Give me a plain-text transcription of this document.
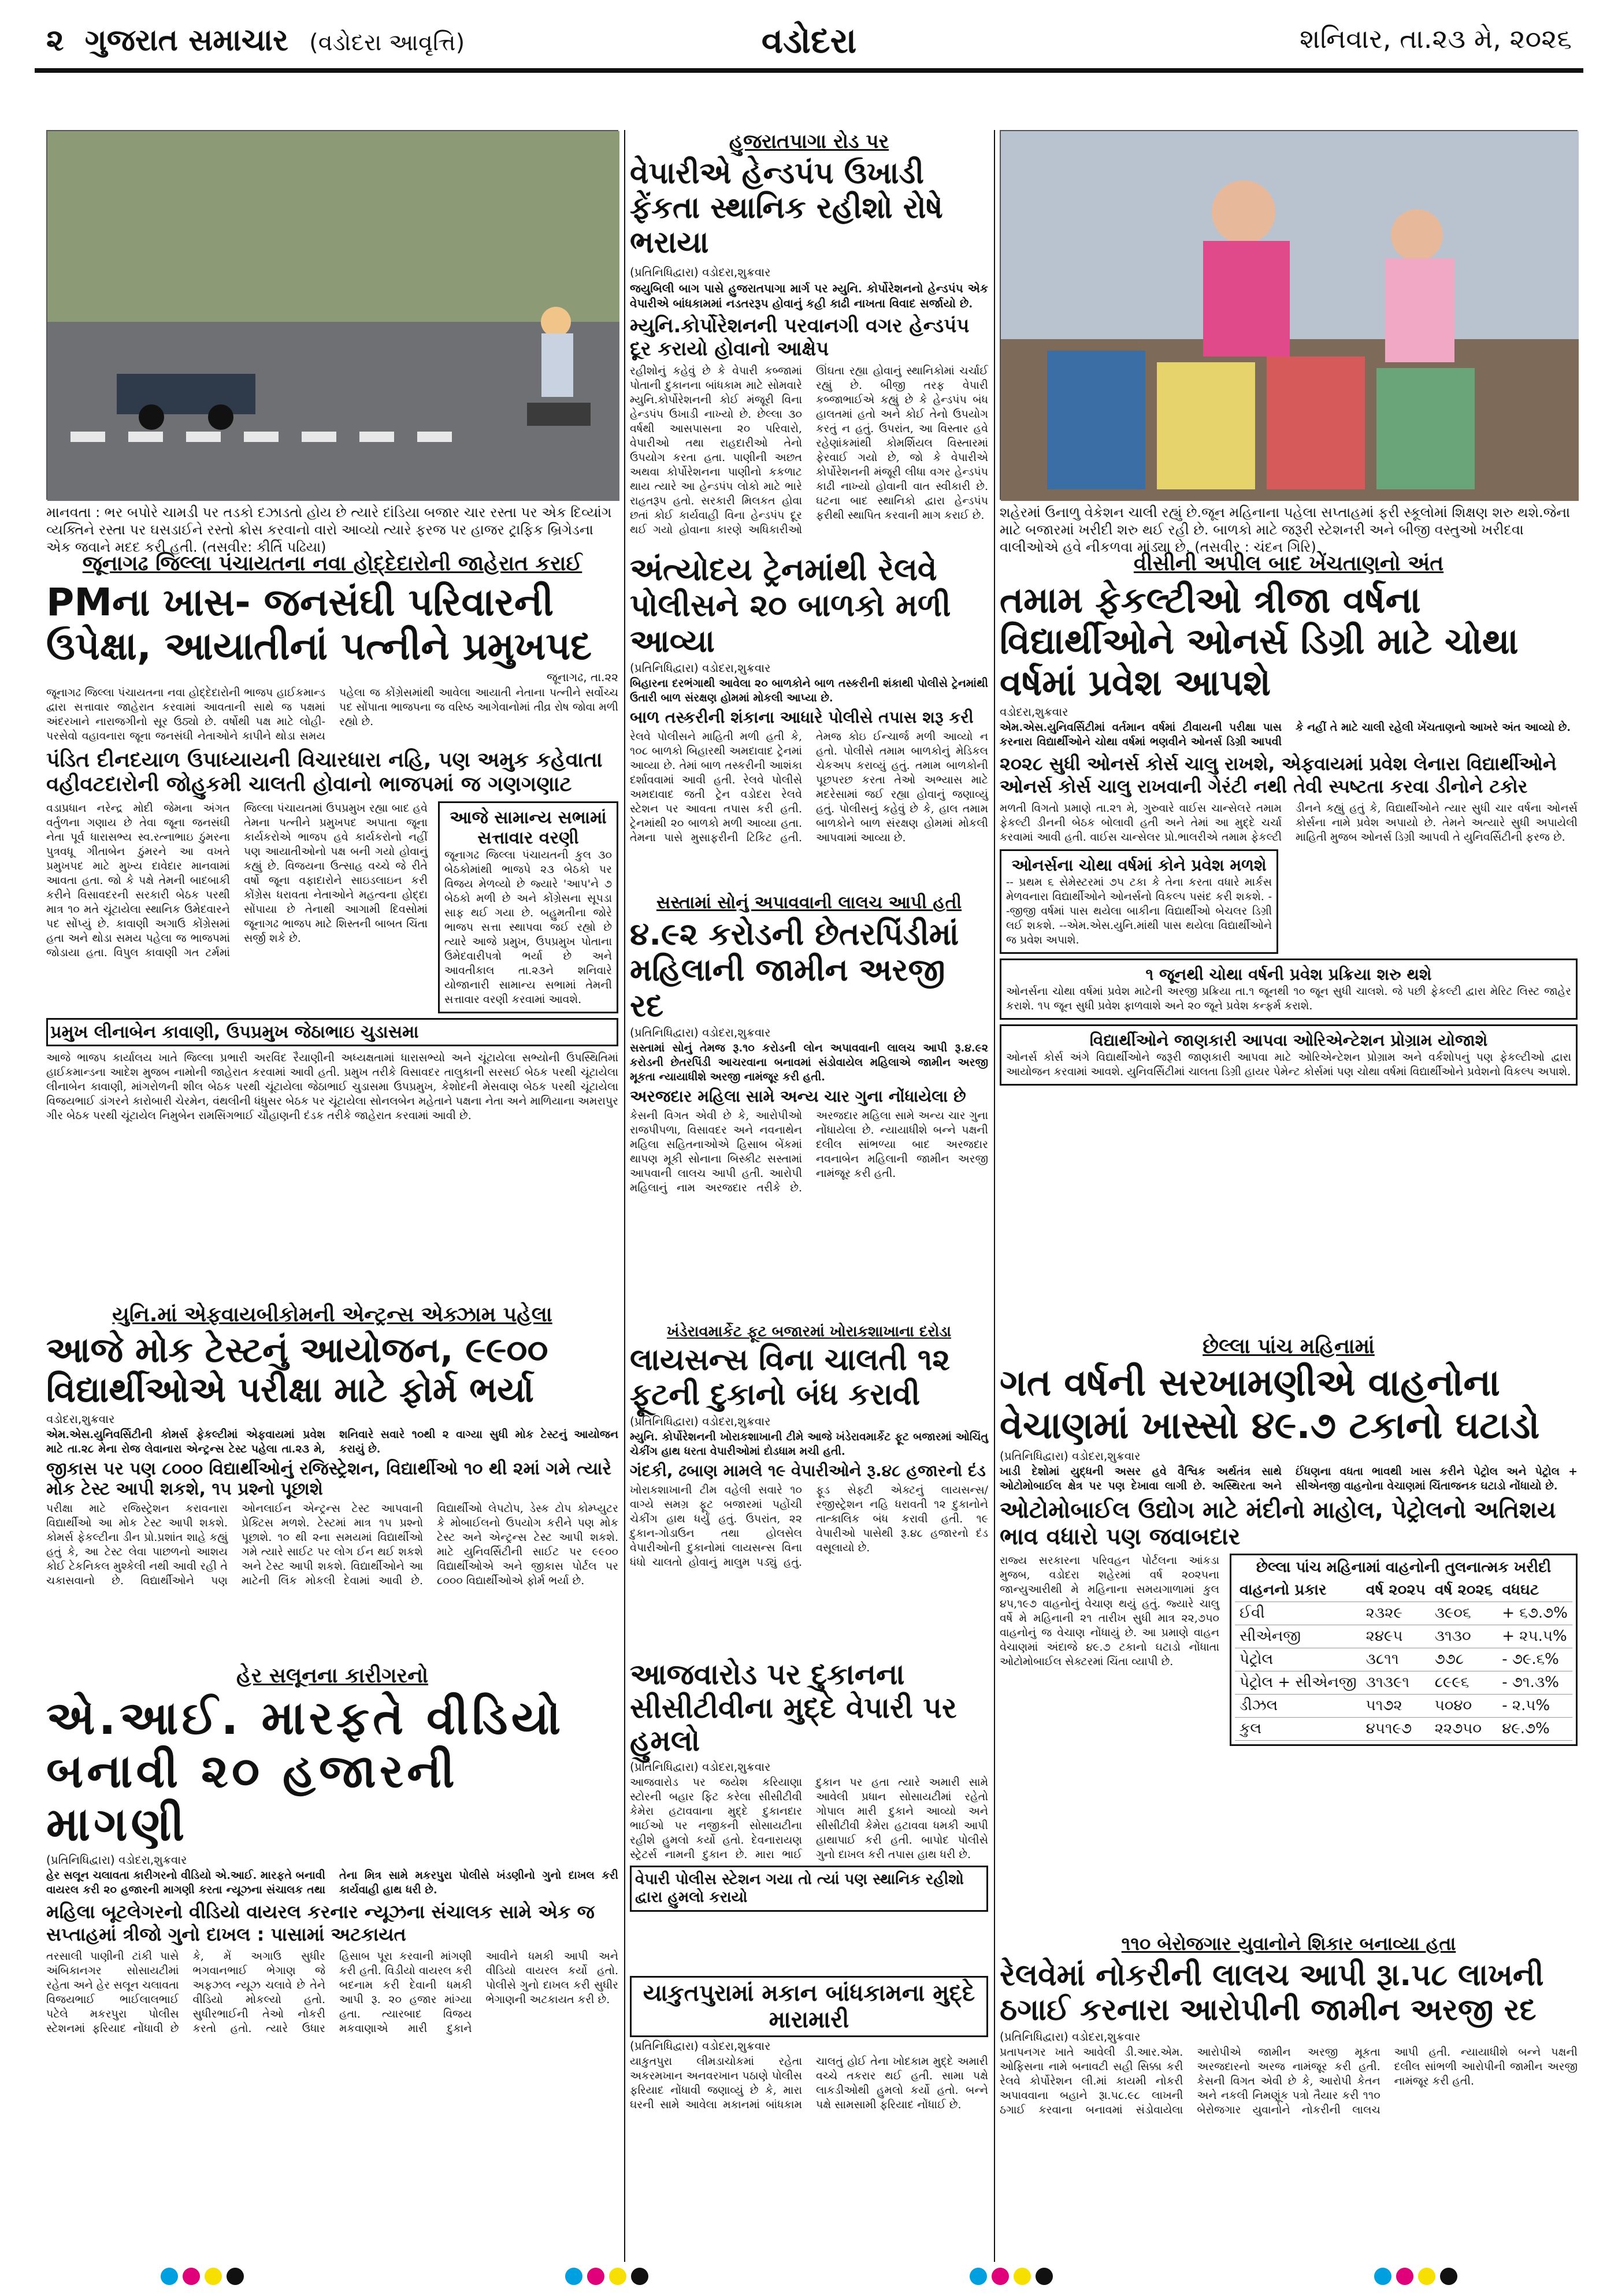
૨ ગુજરાત સમાચાર (વડોદરા આવૃત્તિ)	વડોદરા	શનિવાર, તા.૨૩ મે, ૨૦૨૬
માનવતા : ભર બપોરે ચામડી પર તડકો દઝાડતો હોય છે ત્યારે દાંડિયા બજાર ચાર રસ્તા પર એક દિવ્યાંગ વ્યક્તિને રસ્તા પર ઘસડાઈને રસ્તો ક્રોસ કરવાનો વારો આવ્યો ત્યારે ફરજ પર હાજર ટ્રાફિક બ્રિગેડના એક જવાને મદદ કરી હતી. (તસવીર: કીર્તિ પઢિયા)
હુજરાતપાગા રોડ પર
વેપારીએ હેન્ડપંપ ઉખાડી ફેંકતા સ્થાનિક રહીશો રોષે ભરાયા
(પ્રતિનિધિદ્વારા) વડોદરા,શુક્રવાર
જયુબિલી બાગ પાસે હુજરાતપાગા માર્ગ પર મ્યુનિ. કોર્પોરેશનનો હેન્ડપંપ એક વેપારીએ બાંધકામમાં નડતરરૂપ હોવાનું કહી કાઢી નાખતા વિવાદ સર્જાયો છે.
મ્યુનિ.કોર્પોરેશનની પરવાનગી વગર હેન્ડપંપ દૂર કરાયો હોવાનો આક્ષેપ
રહીશોનું કહેવું છે કે વેપારી કબ્જામાં પોતાની દુકાનના બાંધકામ માટે સોમવારે મ્યુનિ.કોર્પોરેશનની કોઈ મંજૂરી વિના હેન્ડપંપ ઉખાડી નાખ્યો છે. છેલ્લા ૩૦ વર્ષથી આસપાસના ૨૦ પરિવારો, વેપારીઓ તથા રાહદારીઓ તેનો ઉપયોગ કરતા હતા. પાણીની અછત અથવા કોર્પોરેશનના પાણીનો કકળાટ થાય ત્યારે આ હેન્ડપંપ લોકો માટે ભારે રાહતરૂપ હતો. સરકારી મિલકત હોવા છતાં કોઈ કાર્યવાહી વિના હેન્ડપંપ દૂર થઈ ગયો હોવાના કારણે અધિકારીઓ ઊંઘતા રહ્યા હોવાનું સ્થાનિકોમાં ચર્ચાઈ રહ્યું છે. બીજી તરફ વેપારી કબ્જાભાઈએ કહ્યું છે કે હેન્ડપંપ બંધ હાલતમાં હતો અને કોઈ તેનો ઉપયોગ કરતું ન હતું. ઉપરાંત, આ વિસ્તાર હવે રહેણાંકમાંથી કોમર્શિયલ વિસ્તારમાં ફેરવાઈ ગયો છે, જો કે વેપારીએ કોર્પોરેશનની મંજૂરી લીધા વગર હેન્ડપંપ કાઢી નાખ્યો હોવાની વાત સ્વીકારી છે. ઘટના બાદ સ્થાનિકો દ્વારા હેન્ડપંપ ફરીથી સ્થાપિત કરવાની માગ કરાઈ છે. શહેરમાં ઉનાળુ વેકેશન ચાલી રહ્યું છે.જૂન મહિનાના પહેલા સપ્તાહમાં ફરી સ્કૂલોમાં શિક્ષણ શરુ થશે.જેના માટે બજારમાં ખરીદી શરુ થઈ રહી છે. બાળકો માટે જરૂરી સ્ટેશનરી અને બીજી વસ્તુઓ ખરીદવા વાલીઓએ હવે નીકળવા માંડ્યા છે. (તસવીર : ચંદન ગિરિ)
જૂનાગઢ જિલ્લા પંચાયતના નવા હોદ્દેદારોની જાહેરાત કરાઈ
PMના ખાસ- જનસંઘી પરિવારની ઉપેક્ષા, આયાતીનાં પત્નીને પ્રમુખપદ
જૂનાગઢ, તા.૨૨
જૂનાગઢ જિલ્લા પંચાયતના નવા હોદ્દેદારોની ભાજપ હાઈકમાન્ડ દ્વારા સત્તાવાર જાહેરાત કરવામાં આવતાની સાથે જ પક્ષમાં અંદરખાને નારાજગીનો સૂર ઉઠ્યો છે. વર્ષોથી પક્ષ માટે લોહી-પરસેવો વહાવનારા જૂના જનસંઘી નેતાઓને કાપીને થોડા સમય પહેલા જ કોંગ્રેસમાંથી આવેલા આયાતી નેતાના પત્નીને સર્વોચ્ચ પદ સોંપાતા ભાજપના જ વરિષ્ઠ આગેવાનોમાં તીવ્ર રોષ જોવા મળી રહ્યો છે.
પંડિત દીનદયાળ ઉપાધ્યાયની વિચારધારા નહિ, પણ અમુક કહેવાતા વહીવટદારોની જોહુકમી ચાલતી હોવાનો ભાજપમાં જ ગણગણાટ
વડાપ્રધાન નરેન્દ્ર મોદી જેમના અંગત વર્તુળના ગણાય છે તેવા જૂના જનસંઘી નેતા પૂર્વ ધારાસભ્ય સ્વ.રત્નાભાઇ ઠુંમરના પુત્રવધૂ ગીતાબેન ઠુંમરને આ વખતે પ્રમુખપદ માટે મુખ્ય દાવેદાર માનવામાં આવતા હતા. જો કે પક્ષે તેમની બાદબાકી કરીને વિસાવદરની સરકારી બેઠક પરથી માત્ર ૧૦ મતે ચૂંટાયેલા સ્થાનિક ઉમેદવારને પદ સોંપ્યું છે. કાવાણી અગાઉ કોંગ્રેસમાં હતા અને થોડા સમય પહેલા જ ભાજપમાં જોડાયા હતા. વિપુલ કાવાણી ગત ટર્મમાં જિલ્લા પંચાયતમાં ઉપપ્રમુખ રહ્યા બાદ હવે તેમના પત્નીને પ્રમુખપદ અપાતા જૂના કાર્યકરોએ ભાજપ હવે કાર્યકરોનો નહીં પણ આયાતીઓનો પક્ષ બની ગયો હોવાનું કહ્યું છે. વિજયના ઉત્સાહ વચ્ચે જે રીતે વર્ષો જૂના વફાદારોને સાઇડલાઇન કરી કોંગ્રેસ ધરાવતા નેતાઓને મહત્વના હોદ્દા સોંપાયા છે તેનાથી આગામી દિવસોમાં જૂનાગઢ ભાજપ માટે શિસ્તની બાબત ચિંતા સર્જી શકે છે.
આજે સામાન્ય સભામાં સત્તાવાર વરણી
જૂનાગઢ જિલ્લા પંચાયતની કુલ ૩૦ બેઠકોમાંથી ભાજપે ૨૩ બેઠકો પર વિજય મેળવ્યો છે જ્યારે 'આપ'ને ૭ બેઠકો મળી છે અને કોંગ્રેસના સૂપડા સાફ થઈ ગયા છે. બહુમતીના જોરે ભાજપ સત્તા સ્થાપવા જઈ રહ્યો છે ત્યારે આજે પ્રમુખ, ઉપપ્રમુખ પોતાના ઉમેદવારીપત્રો ભર્યા છે અને આવતીકાલ તા.૨૩ને શનિવારે યોજાનારી સામાન્ય સભામાં તેમની સત્તાવાર વરણી કરવામાં આવશે.
પ્રમુખ લીનાબેન કાવાણી, ઉપપ્રમુખ જેઠાભાઇ ચુડાસમા
આજે ભાજપ કાર્યાલય ખાતે જિલ્લા પ્રભારી અરવિંદ રૈયાણીની અધ્યક્ષતામાં ધારાસભ્યો અને ચૂંટાયેલા સભ્યોની ઉપસ્થિતિમાં હાઈકમાન્ડના આદેશ મુજબ નામોની જાહેરાત કરવામાં આવી હતી. પ્રમુખ તરીકે વિસાવદર તાલુકાની સરસઈ બેઠક પરથી ચૂંટાયેલા લીનાબેન કાવાણી, માંગરોળની શીલ બેઠક પરથી ચૂંટાયેલા જેઠાભાઈ ચુડાસમા ઉપપ્રમુખ, કેશોદની મેસવાણ બેઠક પરથી ચૂંટાયેલા વિજયભાઈ ડાંગરને કારોબારી ચેરમેન, વંથલીની ધંધુસર બેઠક પર ચૂંટાયેલા સોનલબેન મહેતાને પક્ષના નેતા અને માળિયાના અમરાપુર ગીર બેઠક પરથી ચૂંટાયેલ નિમુબેન રામસિંગભાઈ ચૌહાણની દંડક તરીકે જાહેરાત કરવામાં આવી છે.
અંત્યોદય ટ્રેનમાંથી રેલવે પોલીસને ૨૦ બાળકો મળી આવ્યા
(પ્રતિનિધિદ્વારા) વડોદરા,શુક્રવાર
બિહારના દરભંગાથી આવેલા ૨૦ બાળકોને બાળ તસ્કરીની શંકાથી પોલીસે ટ્રેનમાંથી ઉતારી બાળ સંરક્ષણ હોમમાં મોકલી આપ્યા છે.
બાળ તસ્કરીની શંકાના આધારે પોલીસે તપાસ શરૂ કરી
રેલવે પોલીસને માહિતી મળી હતી કે, ૧૦૮ બાળકો બિહારથી અમદાવાદ ટ્રેનમાં આવ્યા છે. તેમાં બાળ તસ્કરીની આશંકા દર્શાવવામાં આવી હતી. રેલવે પોલીસે અમદાવાદ જતી ટ્રેન વડોદરા રેલવે સ્ટેશન પર આવતા તપાસ કરી હતી. ટ્રેનમાંથી ૨૦ બાળકો મળી આવ્યા હતા. તેમના પાસે મુસાફરીની ટિકિટ હતી. તેમજ કોઇ ઈન્ચાર્જ મળી આવ્યો ન હતો. પોલીસે તમામ બાળકોનું મેડિકલ ચેકઅપ કરાવ્યું હતું. તમામ બાળકોની પૂછપરછ કરતા તેઓ અભ્યાસ માટે મદરેસામાં જઈ રહ્યા હોવાનું જણાવ્યું હતું. પોલીસનું કહેવું છે કે, હાલ તમામ બાળકોને બાળ સંરક્ષણ હોમમાં મોકલી આપવામાં આવ્યા છે.
સસ્તામાં સોનું અપાવવાની લાલચ આપી હતી
૪.૯૨ કરોડની છેતરપિંડીમાં મહિલાની જામીન અરજી રદ
(પ્રતિનિધિદ્વારા) વડોદરા,શુક્રવાર
સસ્તામાં સોનું તેમજ રૂ.૧૦ કરોડની લોન અપાવવાની લાલચ આપી રૂ.૪.૯૨ કરોડની છેતરપિંડી આચરવાના બનાવમાં સંડોવાયેલ મહિલાએ જામીન અરજી મૂકતા ન્યાયાધીશે અરજી નામંજૂર કરી હતી.
અરજદાર મહિલા સામે અન્ય ચાર ગુના નોંધાયેલા છે
કેસની વિગત એવી છે કે, આરોપીઓ રાજપીપળા, વિસાવદર અને નવનાથેન મહિલા સહિતનાઓએ હિસાબ બેંકમાં થાપણ મૂકી સોનાના બિસ્કીટ સસ્તામાં આપવાની લાલચ આપી હતી. આરોપી મહિલાનું નામ અરજદાર તરીકે છે. અરજદાર મહિલા સામે અન્ય ચાર ગુના નોંધાયેલા છે. ન્યાયાધીશે બન્ને પક્ષની દલીલ સાંભળ્યા બાદ અરજદાર નવનાબેન મહિલાની જામીન અરજી નામંજૂર કરી હતી.
વીસીની અપીલ બાદ ખેંચતાણનો અંત
તમામ ફેકલ્ટીઓ ત્રીજા વર્ષના વિદ્યાર્થીઓને ઓનર્સ ડિગ્રી માટે ચોથા વર્ષમાં પ્રવેશ આપશે
વડોદરા,શુક્રવાર
એમ.એસ.યુનિવર્સિટીમાં વર્તમાન વર્ષમાં ટીવાયની પરીક્ષા પાસ કરનારા વિદ્યાર્થીઓને ચોથા વર્ષમાં ભણવીને ઓનર્સ ડિગ્રી આપવી કે નહીં તે માટે ચાલી રહેલી ખેંચતાણનો આખરે અંત આવ્યો છે.
૨૦૨૮ સુધી ઓનર્સ કોર્સ ચાલુ રાખશે, એફવાયમાં પ્રવેશ લેનારા વિદ્યાર્થીઓને ઓનર્સ કોર્સ ચાલુ રાખવાની ગેરંટી નથી તેવી સ્પષ્ટતા કરવા ડીનોને ટકોર
મળતી વિગતો પ્રમાણે તા.૨૧ મે, ગુરુવારે વાઈસ ચાન્સેલરે તમામ ફેકલ્ટી ડીનની બેઠક બોલાવી હતી અને તેમાં આ મુદ્દે ચર્ચા કરવામાં આવી હતી. વાઈસ ચાન્સેલર પ્રો.ભાલરીએ તમામ ફેકલ્ટી ડીનને કહ્યું હતું કે, વિદ્યાર્થીઓને ત્યાર સુધી ચાર વર્ષના ઓનર્સ કોર્સના નામે પ્રવેશ અપાયો છે. તેમને અત્યારે સુધી અપાયેલી માહિતી મુજબ ઓનર્સ ડિગ્રી આપવી તે યુનિવર્સિટીની ફરજ છે.
ઓનર્સના ચોથા વર્ષમાં કોને પ્રવેશ મળશે
-- પ્રથમ ૬ સેમેસ્ટરમાં ૭૫ ટકા કે તેના કરતા વધારે માર્કસ મેળવનારા વિદ્યાર્થીઓને ઓનર્સનો વિકલ્પ પસંદ કરી શકશે. --જીજી વર્ષમાં પાસ થયેલા બાકીના વિદ્યાર્થીઓ બેચલર ડિગ્રી લઈ શકશે. --એમ.એસ.યુનિ.માંથી પાસ થયેલા વિદ્યાર્થીઓને જ પ્રવેશ અપાશે.
૧ જૂનથી ચોથા વર્ષની પ્રવેશ પ્રક્રિયા શરુ થશે
ઓનર્સના ચોથા વર્ષમાં પ્રવેશ માટેની અરજી પ્રક્રિયા તા.૧ જૂનથી ૧૦ જૂન સુધી ચાલશે. જે પછી ફેકલ્ટી દ્વારા મેરિટ લિસ્ટ જાહેર કરાશે. ૧૫ જૂન સુધી પ્રવેશ ફાળવાશે અને ૨૦ જૂને પ્રવેશ કન્ફર્મ કરાશે.
વિદ્યાર્થીઓને જાણકારી આપવા ઓરિએન્ટેશન પ્રોગ્રામ યોજાશે
ઓનર્સ કોર્સ અંગે વિદ્યાર્થીઓને જરૂરી જાણકારી આપવા માટે ઓરિએન્ટેશન પ્રોગ્રામ અને વર્કશોપનું પણ ફેકલ્ટીઓ દ્વારા આયોજન કરવામાં આવશે. યુનિવર્સિટીમાં ચાલતા ડિગ્રી હાયર પેમેન્ટ કોર્સમાં પણ ચોથા વર્ષમાં વિદ્યાર્થીઓને પ્રવેશનો વિકલ્પ અપાશે.
યુનિ.માં એફવાયબીકોમની એન્ટ્રન્સ એક્ઝામ પહેલા
આજે મોક ટેસ્ટનું આયોજન, ૯૯૦૦ વિદ્યાર્થીઓએ પરીક્ષા માટે ફોર્મ ભર્યા
વડોદરા,શુક્રવાર
એમ.એસ.યુનિવર્સિટીની કોમર્સ ફેકલ્ટીમાં એફવાયમાં પ્રવેશ માટે તા.૨૮ મેના રોજ લેવાનારા એન્ટ્રન્સ ટેસ્ટ પહેલા તા.૨૩ મે, શનિવારે સવારે ૧૦થી ૨ વાગ્યા સુધી મોક ટેસ્ટનું આયોજન કરાયું છે.
જીકાસ પર પણ ૮૦૦૦ વિદ્યાર્થીઓનું રજિસ્ટ્રેશન, વિદ્યાર્થીઓ ૧૦ થી ૨માં ગમે ત્યારે મોક ટેસ્ટ આપી શકશે, ૧૫ પ્રશ્નો પૂછાશે
પરીક્ષા માટે રજિસ્ટ્રેશન કરાવનારા વિદ્યાર્થીઓ આ મોક ટેસ્ટ આપી શકશે. કોમર્સ ફેકલ્ટીના ડીન પ્રો.પ્રશાંત શાહે કહ્યું હતું કે, આ ટેસ્ટ લેવા પાછળનો આશય કોઈ ટેકનિકલ મુશ્કેલી નથી આવી રહી તે ચકાસવાનો છે. વિદ્યાર્થીઓને પણ ઓનલાઈન એન્ટ્રન્સ ટેસ્ટ આપવાની પ્રેક્ટિસ મળશે. ટેસ્ટમાં માત્ર ૧૫ પ્રશ્નો પૂછાશે. ૧૦ થી ૨ના સમયમાં વિદ્યાર્થીઓ ગમે ત્યારે સાઈટ પર લોગ ઈન થઈ શકશે અને ટેસ્ટ આપી શકશે. વિદ્યાર્થીઓને આ માટેની લિંક મોકલી દેવામાં આવી છે. વિદ્યાર્થીઓ લેપટોપ, ડેસ્ક ટોપ કોમ્પ્યુટર કે મોબાઈલનો ઉપયોગ કરીને પણ મોક ટેસ્ટ અને એન્ટ્રન્સ ટેસ્ટ આપી શકશે. માટે યુનિવર્સિટીની સાઈટ પર ૯૯૦૦ વિદ્યાર્થીઓએ અને જીકાસ પોર્ટલ પર ૮૦૦૦ વિદ્યાર્થીઓએ ફોર્મ ભર્યા છે.
હેર સલૂનના કારીગરનો
એ.આઈ. મારફતે વીડિયો બનાવી ૨૦ હજારની માગણી
(પ્રતિનિધિદ્વારા) વડોદરા,શુક્રવાર
હેર સલૂન ચલાવતા કારીગરનો વીડિયો એ.આઈ. મારફતે બનાવી વાયરલ કરી ૨૦ હજારની માગણી કરતા ન્યૂઝના સંચાલક તથા તેના મિત્ર સામે મકરપુરા પોલીસે ખંડણીનો ગુનો દાખલ કરી કાર્યવાહી હાથ ધરી છે.
મહિલા બૂટલેગરનો વીડિયો વાયરલ કરનાર ન્યૂઝના સંચાલક સામે એક જ સપ્તાહમાં ત્રીજો ગુનો દાખલ : પાસામાં અટકાયત
તરસાલી પાણીની ટાંકી પાસે અંબિકાનગર સોસાયટીમાં રહેતા અને હેર સલૂન ચલાવતા વિજયભાઈ ભાઈલાલભાઈ પટેલે મકરપુરા પોલીસ સ્ટેશનમાં ફરિયાદ નોંધાવી છે કે, મેં અગાઉ સુધીર ભગવાનભાઈ ભેગાણ જે અફઝલ ન્યૂઝ ચલાવે છે તેને વીડિયો મોકલ્યો હતો. સુધીરભાઈની તેઓ નોકરી કરતો હતો. ત્યારે ઉધાર હિસાબ પૂરા કરવાની માંગણી કરી હતી. વિડીયો વાયરલ કરી બદનામ કરી દેવાની ધમકી આપી રૂ. ૨૦ હજાર માંગ્યા હતા. ત્યારબાદ વિજય મકવાણાએ મારી દુકાને આવીને ધમકી આપી અને વીડિયો વાયરલ કર્યો હતો. પોલીસે ગુનો દાખલ કરી સુધીર ભેગાણની અટકાયત કરી છે.
ખંડેરાવમાર્કેટ ફૂટ બજારમાં ખોરાકશાખાના દરોડા
લાયસન્સ વિના ચાલતી ૧૨ ફૂટની દુકાનો બંધ કરાવી
(પ્રતિનિધિદ્વારા) વડોદરા,શુક્રવાર
મ્યુનિ. કોર્પોરેશનની ખોરાકશાખાની ટીમે આજે ખંડેરાવમાર્કેટ ફૂટ બજારમાં ઓચિંતુ ચેકીંગ હાથ ધરતા વેપારીઓમાં દોડધામ મચી હતી.
ગંદકી, ઢબાણ મામલે ૧૯ વેપારીઓને રૂ.૪૮ હજારનો દંડ
ખોરાકશાખાની ટીમ વહેલી સવારે ૧૦ વાગ્યે સમગ્ર ફૂટ બજારમાં પહોંચી ચેકીંગ હાથ ધર્યું હતું. ઉપરાંત, ૨૨ દુકાન-ગોડાઉન તથા હોલસેલ વેપારીઓની દુકાનોમાં લાયસન્સ વિના ધંધો ચાલતો હોવાનું માલુમ પડ્યું હતું. ફૂડ સેફ્ટી એક્ટનું લાયસન્સ/ રજીસ્ટ્રેશન નહિ ધરાવતી ૧૨ દુકાનોને તાત્કાલિક બંધ કરાવી હતી. ૧૯ વેપારીઓ પાસેથી રૂ.૪૮ હજારનો દંડ વસૂલાયો છે.
આજવારોડ પર દુકાનના સીસીટીવીના મુદ્દે વેપારી પર હુમલો
(પ્રતિનિધિદ્વારા) વડોદરા,શુક્રવાર
આજવારોડ પર જયેશ કરિયાણા સ્ટોરની બહાર ફિટ કરેલા સીસીટીવી કેમેરા હટાવવાના મુદ્દે દુકાનદાર ભાઈઓ પર નજીકની સોસાયટીના રહીશે હુમલો કર્યો હતો. દેવનારાયણ સ્ટ્રેટર્સ નામની દુકાન છે. મારા ભાઈ દુકાન પર હતા ત્યારે અમારી સામે આવેલી પ્રધાન સોસાયટીમાં રહેતો ગોપાલ મારી દુકાને આવ્યો અને સીસીટીવી કેમેરા હટાવવા ધમકી આપી હાથાપાઈ કરી હતી. બાપોદ પોલીસે ગુનો દાખલ કરી તપાસ હાથ ધરી છે.
વેપારી પોલીસ સ્ટેશન ગયા તો ત્યાં પણ સ્થાનિક રહીશો દ્વારા હુમલો કરાયો
યાકુતપુરામાં મકાન બાંધકામના મુદ્દે મારામારી
(પ્રતિનિધિદ્વારા) વડોદરા,શુક્રવાર
યાકુતપુરા લીમડાચોકમાં રહેતા અકરમખાન અનવરખાન પઠાણે પોલીસ ફરિયાદ નોંધાવી જણાવ્યું છે કે, મારા ઘરની સામે આવેલા મકાનમાં બાંધકામ ચાલતું હોઈ તેના ખોદકામ મુદ્દે અમારી વચ્ચે તકરાર થઈ હતી. સામા પક્ષે લાકડીઓથી હુમલો કર્યો હતો. બન્ને પક્ષે સામસામી ફરિયાદ નોંધાઈ છે.
છેલ્લા પાંચ મહિનામાં
ગત વર્ષની સરખામણીએ વાહનોના વેચાણમાં ખાસ્સો ૪૯.૭ ટકાનો ઘટાડો
(પ્રતિનિધિદ્વારા) વડોદરા,શુક્રવાર
ખાડી દેશોમાં યુદ્ધની અસર હવે વૈશ્વિક અર્થતંત્ર સાથે ઓટોમોબાઈલ ક્ષેત્ર પર પણ દેખાવા લાગી છે. અસ્થિરતા અને ઈંધણના વધતા ભાવથી ખાસ કરીને પેટ્રોલ અને પેટ્રોલ + સીએનજી વાહનોના વેચાણમાં ચિંતાજનક ઘટાડો નોંધાયો છે.
ઓટોમોબાઈલ ઉદ્યોગ માટે મંદીનો માહોલ, પેટ્રોલનો અતિશય ભાવ વધારો પણ જવાબદાર
રાજ્ય સરકારના પરિવહન પોર્ટલના આંકડા મુજબ, વડોદરા શહેરમાં વર્ષ ૨૦૨૫ના જાન્યુઆરીથી મે મહિનાના સમયગાળામાં કુલ ૪૫,૧૯૭ વાહનોનું વેચાણ થયું હતું. જ્યારે ચાલુ વર્ષે મે મહિનાની ૨૧ તારીખ સુધી માત્ર ૨૨,૭૫૦ વાહનોનું જ વેચાણ નોંધાયું છે. આ પ્રમાણે વાહન વેચાણમાં અંદાજે ૪૯.૭ ટકાનો ઘટાડો નોંધાતા ઓટોમોબાઈલ સેક્ટરમાં ચિંતા વ્યાપી છે.
છેલ્લા પાંચ મહિનામાં વાહનોની તુલનાત્મક ખરીદી
વાહનનો પ્રકાર	વર્ષ ૨૦૨૫	વર્ષ ૨૦૨૬	વધઘટ
ઈવી	૨૩૨૯	૩૯૦૬	+ ૬૭.૭%
સીએનજી	૨૪૯૫	૩૧૩૦	+ ૨૫.૫%
પેટ્રોલ	૩૮૧૧	૭૭૮	- ૭૯.૬%
પેટ્રોલ + સીએનજી	૩૧૩૯૧	૮૯૯૬	- ૭૧.૩%
ડીઝલ	૫૧૭૨	૫૦૪૦	- ૨.૫%
કુલ	૪૫૧૯૭	૨૨૭૫૦	૪૯.૭%
૧૧૦ બેરોજગાર યુવાનોને શિકાર બનાવ્યા હતા
રેલવેમાં નોકરીની લાલચ આપી રૂા.૫૮ લાખની ઠગાઈ કરનારા આરોપીની જામીન અરજી રદ
(પ્રતિનિધિદ્વારા) વડોદરા,શુક્રવાર
પ્રતાપનગર ખાતે આવેલી ડી.આર.એમ. ઓફિસના નામે બનાવટી સહી સિક્કા કરી રેલવે કોર્પોરેશન લી.માં કાયમી નોકરી અપાવવાના બહાને રૂા.૫૮.૯૮ લાખની ઠગાઈ કરવાના બનાવમાં સંડોવાયેલા આરોપીએ જામીન અરજી મૂકતા અરજદારનો અરજ નામંજૂર કરી હતી. કેસની વિગત એવી છે કે, આરોપી કેતન અને નકલી નિમણૂંક પત્રો તૈયાર કરી ૧૧૦ બેરોજગાર યુવાનોને નોકરીની લાલચ આપી હતી. ન્યાયાધીશે બન્ને પક્ષની દલીલ સાંભળી આરોપીની જામીન અરજી નામંજૂર કરી હતી.
